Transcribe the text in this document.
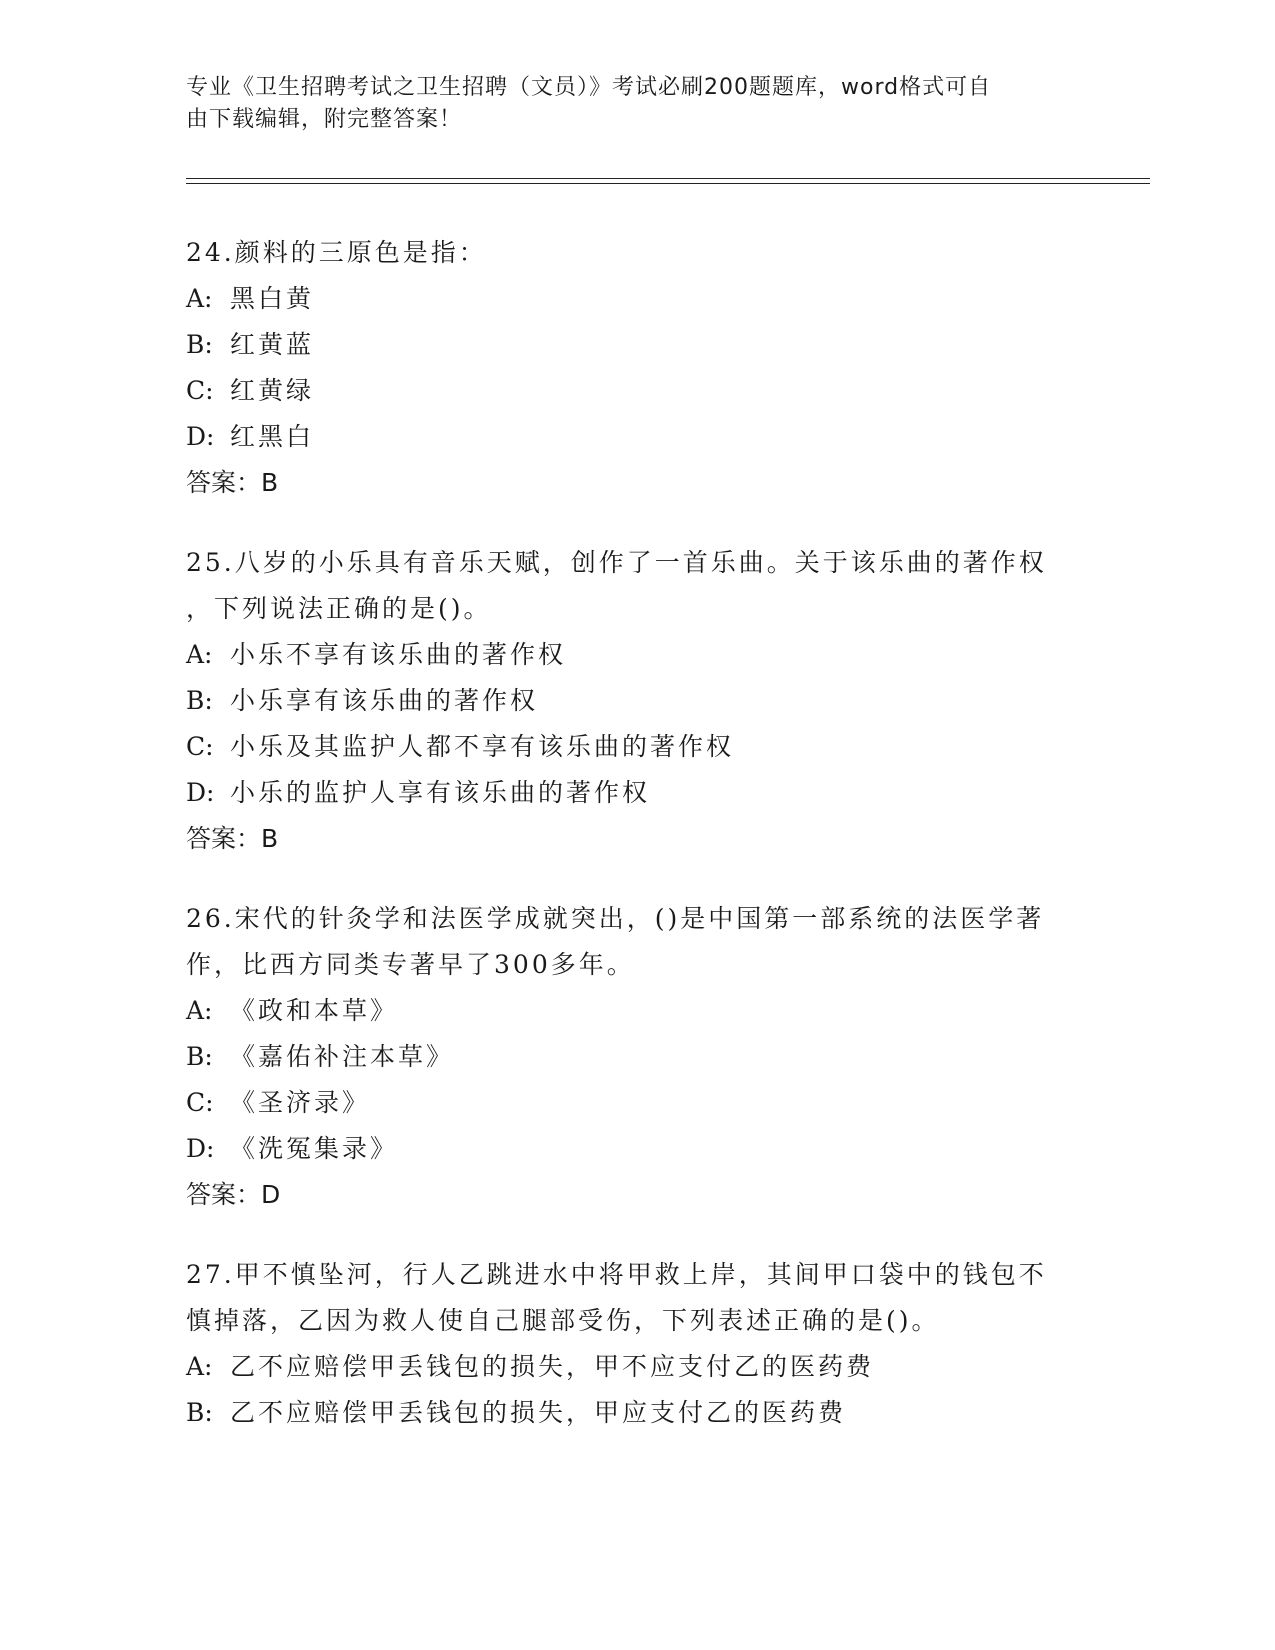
专业《卫生招聘考试之卫生招聘（文员）》考试必刷200题题库，word格式可自
由下载编辑，附完整答案！

24.颜料的三原色是指：

A: 黑白黄

B: 红黄蓝

C: 红黄绿

D: 红黑白

答案：B

25.八岁的小乐具有音乐天赋，创作了一首乐曲。关于该乐曲的著作权

，下列说法正确的是()。

A: 小乐不享有该乐曲的著作权

B: 小乐享有该乐曲的著作权

C: 小乐及其监护人都不享有该乐曲的著作权

D: 小乐的监护人享有该乐曲的著作权

答案：B

26.宋代的针灸学和法医学成就突出，()是中国第一部系统的法医学著

作，比西方同类专著早了300多年。

A: 《政和本草》

B: 《嘉佑补注本草》

C: 《圣济录》

D: 《洗冤集录》

答案：D

27.甲不慎坠河，行人乙跳进水中将甲救上岸，其间甲口袋中的钱包不

慎掉落，乙因为救人使自己腿部受伤，下列表述正确的是()。

A: 乙不应赔偿甲丢钱包的损失，甲不应支付乙的医药费

B: 乙不应赔偿甲丢钱包的损失，甲应支付乙的医药费
